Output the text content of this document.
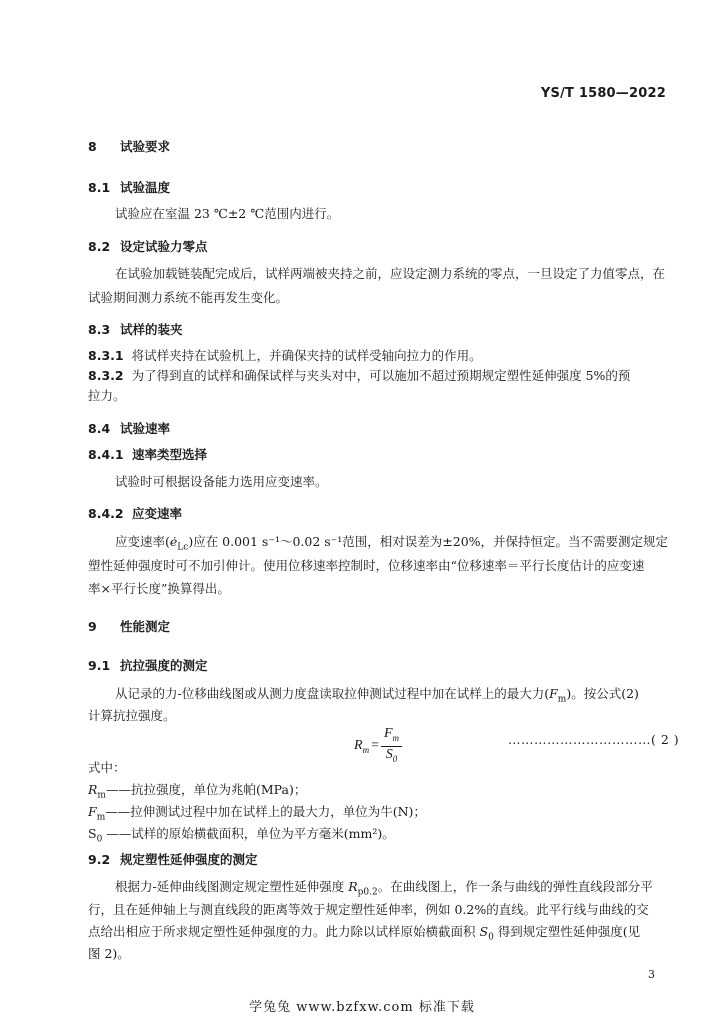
YS/T 1580—2022
8 试验要求
8.1 试验温度
试验应在室温 23 ℃±2 ℃范围内进行。
8.2 设定试验力零点
在试验加载链装配完成后，试样两端被夹持之前，应设定测力系统的零点，一旦设定了力值零点，在
试验期间测力系统不能再发生变化。
8.3 试样的装夹
8.3.1 将试样夹持在试验机上，并确保夹持的试样受轴向拉力的作用。
8.3.2 为了得到直的试样和确保试样与夹头对中，可以施加不超过预期规定塑性延伸强度 5%的预
拉力。
8.4 试验速率
8.4.1 速率类型选择
试验时可根据设备能力选用应变速率。
8.4.2 应变速率
应变速率$(ė_{Lc})$应在 0.001 s⁻¹～0.02 s⁻¹范围，相对误差为±20%，并保持恒定。当不需要测定规定
塑性延伸强度时可不加引伸计。使用位移速率控制时，位移速率由“位移速率＝平行长度估计的应变速
率×平行长度”换算得出。
9 性能测定
9.1 抗拉强度的测定
从记录的力-位移曲线图或从测力度盘读取拉伸测试过程中加在试样上的最大力$(F_m)$。按公式(2)
计算抗拉强度。
$R_m = \frac{F_m}{S_0}$	……………………………( 2 )
式中：
$R_m——$抗拉强度，单位为兆帕(MPa)；
$F_m——$拉伸测试过程中加在试样上的最大力，单位为牛(N)；
$S_0$ ——试样的原始横截面积，单位为平方毫米(mm²)。
9.2 规定塑性延伸强度的测定
根据力-延伸曲线图测定规定塑性延伸强度 $R_{p0.2}$。在曲线图上，作一条与曲线的弹性直线段部分平
行，且在延伸轴上与测直线段的距离等效于规定塑性延伸率，例如 0.2%的直线。此平行线与曲线的交
点给出相应于所求规定塑性延伸强度的力。此力除以试样原始横截面积 $S_0$ 得到规定塑性延伸强度(见
图 2)。
3
学兔兔 www.bzfxw.com 标准下载
